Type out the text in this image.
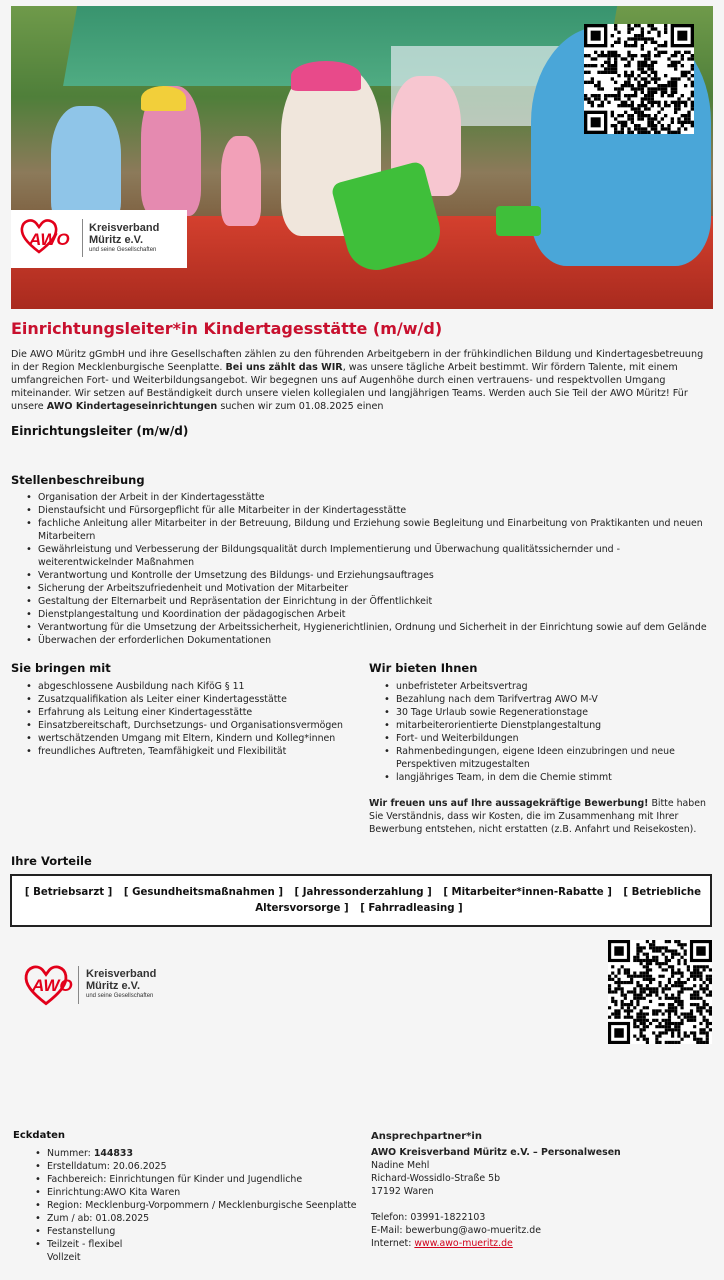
AWO
Kreisverband
Müritz e.V.
und seine Gesellschaften
Einrichtungsleiter*in Kindertagesstätte (m/w/d)
Die AWO Müritz gGmbH und ihre Gesellschaften zählen zu den führenden Arbeitgebern in der frühkindlichen Bildung und Kindertagesbetreuung in der Region Mecklenburgische Seenplatte. Bei uns zählt das WIR, was unsere tägliche Arbeit bestimmt. Wir fördern Talente, mit einem umfangreichen Fort- und Weiterbildungsangebot. Wir begegnen uns auf Augenhöhe durch einen vertrauens- und respektvollen Umgang miteinander. Wir setzen auf Beständigkeit durch unsere vielen kollegialen und langjährigen Teams. Werden auch Sie Teil der AWO Müritz! Für unsere AWO Kindertageseinrichtungen suchen wir zum 01.08.2025 einen
Einrichtungsleiter (m/w/d)
Stellenbeschreibung
• Organisation der Arbeit in der Kindertagesstätte
• Dienstaufsicht und Fürsorgepflicht für alle Mitarbeiter in der Kindertagesstätte
• fachliche Anleitung aller Mitarbeiter in der Betreuung, Bildung und Erziehung sowie Begleitung und Einarbeitung von Praktikanten und neuen Mitarbeitern
• Gewährleistung und Verbesserung der Bildungsqualität durch Implementierung und Überwachung qualitätssichernder und -weiterentwickelnder Maßnahmen
• Verantwortung und Kontrolle der Umsetzung des Bildungs- und Erziehungsauftrages
• Sicherung der Arbeitszufriedenheit und Motivation der Mitarbeiter
• Gestaltung der Elternarbeit und Repräsentation der Einrichtung in der Öffentlichkeit
• Dienstplangestaltung und Koordination der pädagogischen Arbeit
• Verantwortung für die Umsetzung der Arbeitssicherheit, Hygienerichtlinien, Ordnung und Sicherheit in der Einrichtung sowie auf dem Gelände
• Überwachen der erforderlichen Dokumentationen
Sie bringen mit
• abgeschlossene Ausbildung nach KiföG § 11
• Zusatzqualifikation als Leiter einer Kindertagesstätte
• Erfahrung als Leitung einer Kindertagesstätte
• Einsatzbereitschaft, Durchsetzungs- und Organisationsvermögen
• wertschätzenden Umgang mit Eltern, Kindern und Kolleg*innen
• freundliches Auftreten, Teamfähigkeit und Flexibilität
Wir bieten Ihnen
• unbefristeter Arbeitsvertrag
• Bezahlung nach dem Tarifvertrag AWO M-V
• 30 Tage Urlaub sowie Regenerationstage
• mitarbeiterorientierte Dienstplangestaltung
• Fort- und Weiterbildungen
• Rahmenbedingungen, eigene Ideen einzubringen und neue Perspektiven mitzugestalten
• langjähriges Team, in dem die Chemie stimmt
Wir freuen uns auf Ihre aussagekräftige Bewerbung! Bitte haben Sie Verständnis, dass wir Kosten, die im Zusammenhang mit Ihrer Bewerbung entstehen, nicht erstatten (z.B. Anfahrt und Reisekosten).
Ihre Vorteile
[ Betriebsarzt ] [ Gesundheitsmaßnahmen ] [ Jahressonderzahlung ] [ Mitarbeiter*innen-Rabatte ] [ Betriebliche Altersvorsorge ] [ Fahrradleasing ]
AWO
Kreisverband
Müritz e.V.
und seine Gesellschaften
Eckdaten
• Nummer: 144833
• Erstelldatum: 20.06.2025
• Fachbereich: Einrichtungen für Kinder und Jugendliche
• Einrichtung:AWO Kita Waren
• Region: Mecklenburg-Vorpommern / Mecklenburgische Seenplatte
• Zum / ab: 01.08.2025
• Festanstellung
• Teilzeit - flexibel
Vollzeit
Ansprechpartner*in
AWO Kreisverband Müritz e.V. – Personalwesen
Nadine Mehl
Richard-Wossidlo-Straße 5b
17192 Waren
Telefon: 03991-1822103
E-Mail: bewerbung@awo-mueritz.de
Internet: www.awo-mueritz.de
